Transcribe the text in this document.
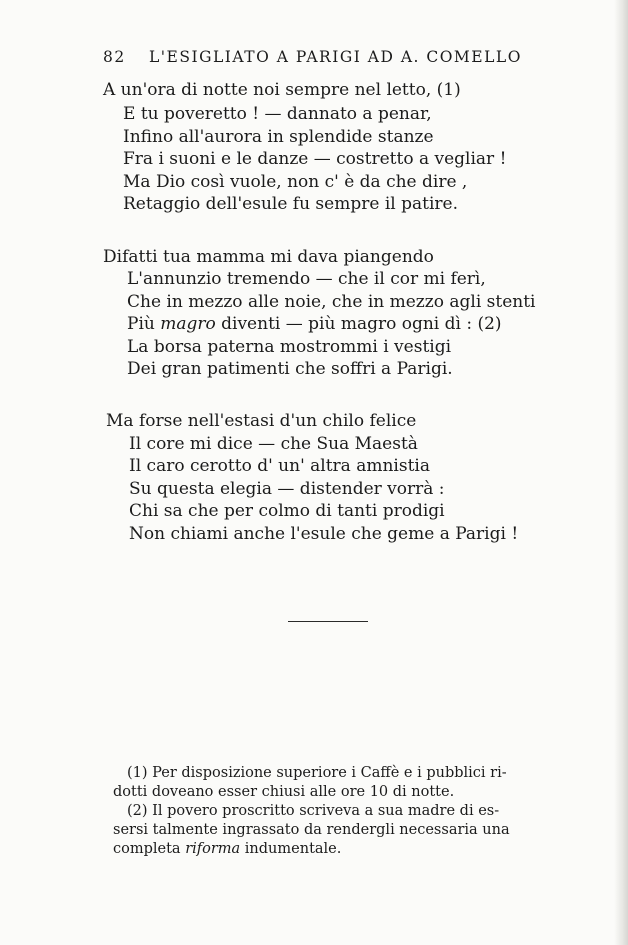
82 L'ESIGLIATO A PARIGI AD A. COMELLO
A un'ora di notte noi sempre nel letto, (1)
E tu poveretto ! — dannato a penar,
Infino all'aurora in splendide stanze
Fra i suoni e le danze — costretto a vegliar !
Ma Dio così vuole, non c' è da che dire ,
Retaggio dell'esule fu sempre il patire.
Difatti tua mamma mi dava piangendo
L'annunzio tremendo — che il cor mi ferì,
Che in mezzo alle noie, che in mezzo agli stenti
Più magro diventi — più magro ogni dì : (2)
La borsa paterna mostrommi i vestigi
Dei gran patimenti che soffri a Parigi.
Ma forse nell'estasi d'un chilo felice
Il core mi dice — che Sua Maestà
Il caro cerotto d' un' altra amnistia
Su questa elegia — distender vorrà :
Chi sa che per colmo di tanti prodigi
Non chiami anche l'esule che geme a Parigi !
(1) Per disposizione superiore i Caffè e i pubblici ri-
dotti doveano esser chiusi alle ore 10 di notte.
(2) Il povero proscritto scriveva a sua madre di es-
sersi talmente ingrassato da rendergli necessaria una
completa riforma indumentale.
